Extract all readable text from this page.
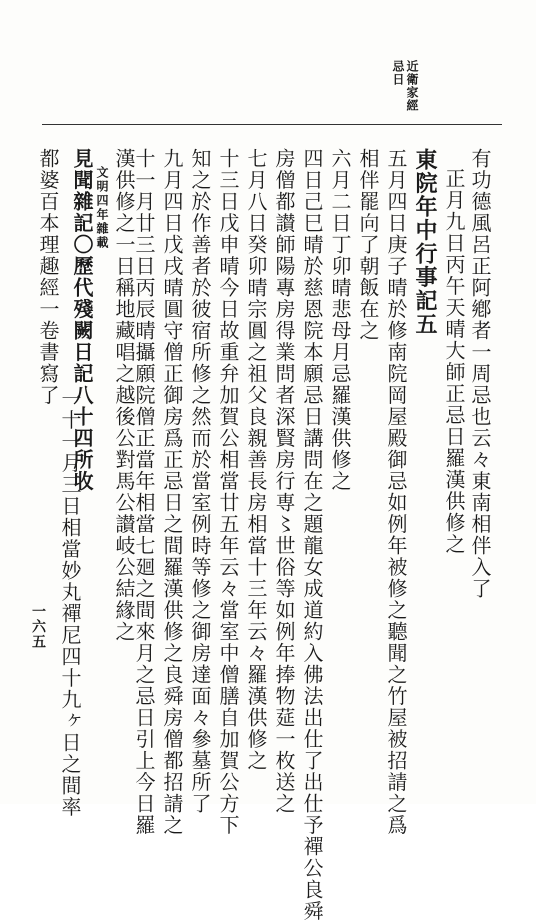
近衛家經
忌日
有功德風呂正阿鄕者一周忌也云々東南相伴入了
正月九日丙午天晴大師正忌日羅漢供修之
東院年中行事記五
五月四日庚子晴於修南院岡屋殿御忌如例年被修之聽聞之竹屋被招請之爲
相伴罷向了朝飯在之
六月二日丁卯晴悲母月忌羅漢供修之
四日己巳晴於慈恩院本願忌日講問在之題龍女成道約入佛法出仕了出仕予禪公良舜
房僧都讃師陽專房得業問者深賢房行専〻世俗等如例年捧物莚一枚送之
七月八日癸卯晴宗圓之祖父良親善長房相當十三年云々羅漢供修之
十三日戊申晴今日故重弁加賀公相當廿五年云々當室中僧膳自加賀公方下
知之於作善者於彼宿所修之然而於當室例時等修之御房達面々參墓所了
九月四日戊戌晴圓守僧正御房爲正忌日之間羅漢供修之良舜房僧都招請之
十一月廿三日丙辰晴攝願院僧正當年相當七廻之間來月之忌日引上今日羅
漢供修之一日稱地藏唱之越後公對馬公讃岐公結緣之
文明四年雜載
見聞雜記〇歷代殘闕日記八十四所收
一十一月三日相當妙丸禪尼四十九ヶ日之間率
都婆百本理趣經一卷書寫了
一六五
